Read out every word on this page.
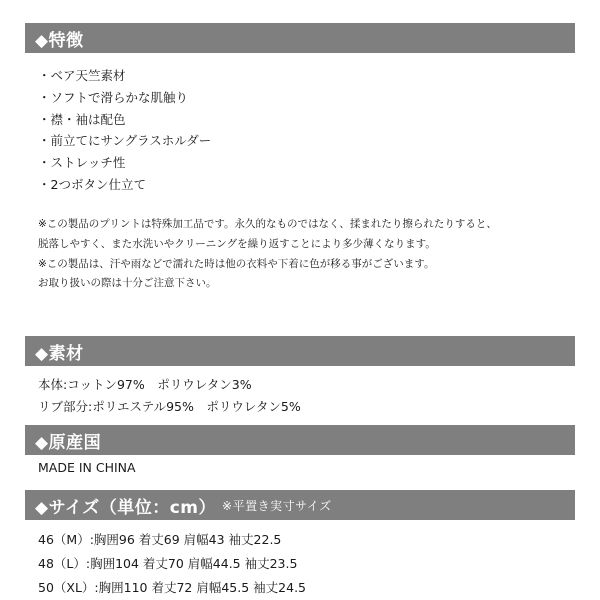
◆特徴
・ベア天竺素材
・ソフトで滑らかな肌触り
・襟・袖は配色
・前立てにサングラスホルダー
・ストレッチ性
・2つボタン仕立て
※この製品のプリントは特殊加工品です。永久的なものではなく、揉まれたり擦られたりすると、
脱落しやすく、また水洗いやクリーニングを繰り返すことにより多少薄くなります。
※この製品は、汗や雨などで濡れた時は他の衣料や下着に色が移る事がございます。
お取り扱いの際は十分ご注意下さい。
◆素材
本体:コットン97%　ポリウレタン3%
リブ部分:ポリエステル95%　ポリウレタン5%
◆原産国
MADE IN CHINA
◆サイズ（単位：cm） ※平置き実寸サイズ
46（M）:胸囲96 着丈69 肩幅43 袖丈22.5
48（L）:胸囲104 着丈70 肩幅44.5 袖丈23.5
50（XL）:胸囲110 着丈72 肩幅45.5 袖丈24.5
